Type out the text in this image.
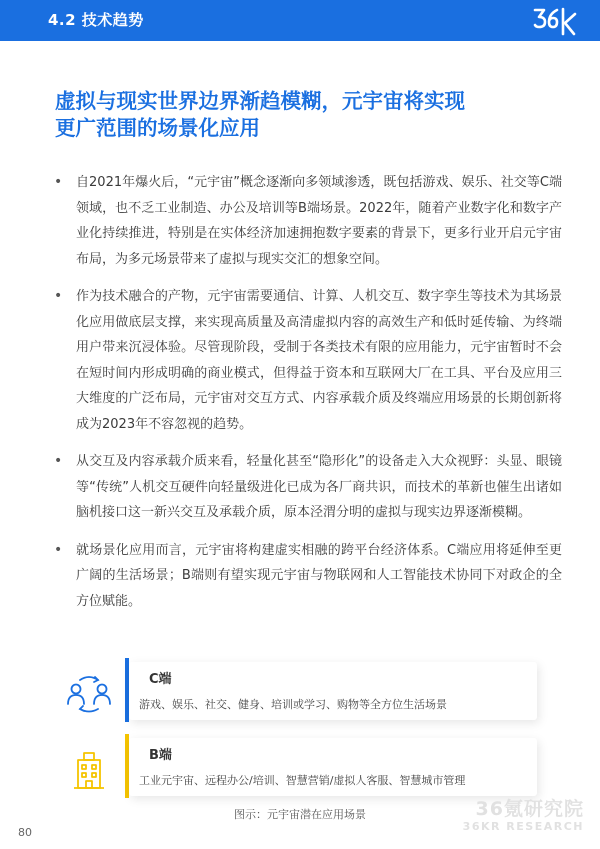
4.2 技术趋势
虚拟与现实世界边界渐趋模糊，元宇宙将实现
更广范围的场景化应用
• 自2021年爆火后，“元宇宙”概念逐渐向多领域渗透，既包括游戏、娱乐、社交等C端领域，也不乏工业制造、办公及培训等B端场景。2022年，随着产业数字化和数字产业化持续推进，特别是在实体经济加速拥抱数字要素的背景下，更多行业开启元宇宙布局，为多元场景带来了虚拟与现实交汇的想象空间。

• 作为技术融合的产物，元宇宙需要通信、计算、人机交互、数字孪生等技术为其场景化应用做底层支撑，来实现高质量及高清虚拟内容的高效生产和低时延传输、为终端用户带来沉浸体验。尽管现阶段，受制于各类技术有限的应用能力，元宇宙暂时不会在短时间内形成明确的商业模式，但得益于资本和互联网大厂在工具、平台及应用三大维度的广泛布局，元宇宙对交互方式、内容承载介质及终端应用场景的长期创新将成为2023年不容忽视的趋势。

• 从交互及内容承载介质来看，轻量化甚至“隐形化”的设备走入大众视野：头显、眼镜等“传统”人机交互硬件向轻量级进化已成为各厂商共识，而技术的革新也催生出诸如脑机接口这一新兴交互及承载介质，原本泾渭分明的虚拟与现实边界逐渐模糊。

• 就场景化应用而言，元宇宙将构建虚实相融的跨平台经济体系。C端应用将延伸至更广阔的生活场景；B端则有望实现元宇宙与物联网和人工智能技术协同下对政企的全方位赋能。

C端
游戏、娱乐、社交、健身、培训或学习、购物等全方位生活场景
B端
工业元宇宙、远程办公/培训、智慧营销/虚拟人客服、智慧城市管理
图示：元宇宙潜在应用场景
80
36氪研究院
36KR RESEARCH
